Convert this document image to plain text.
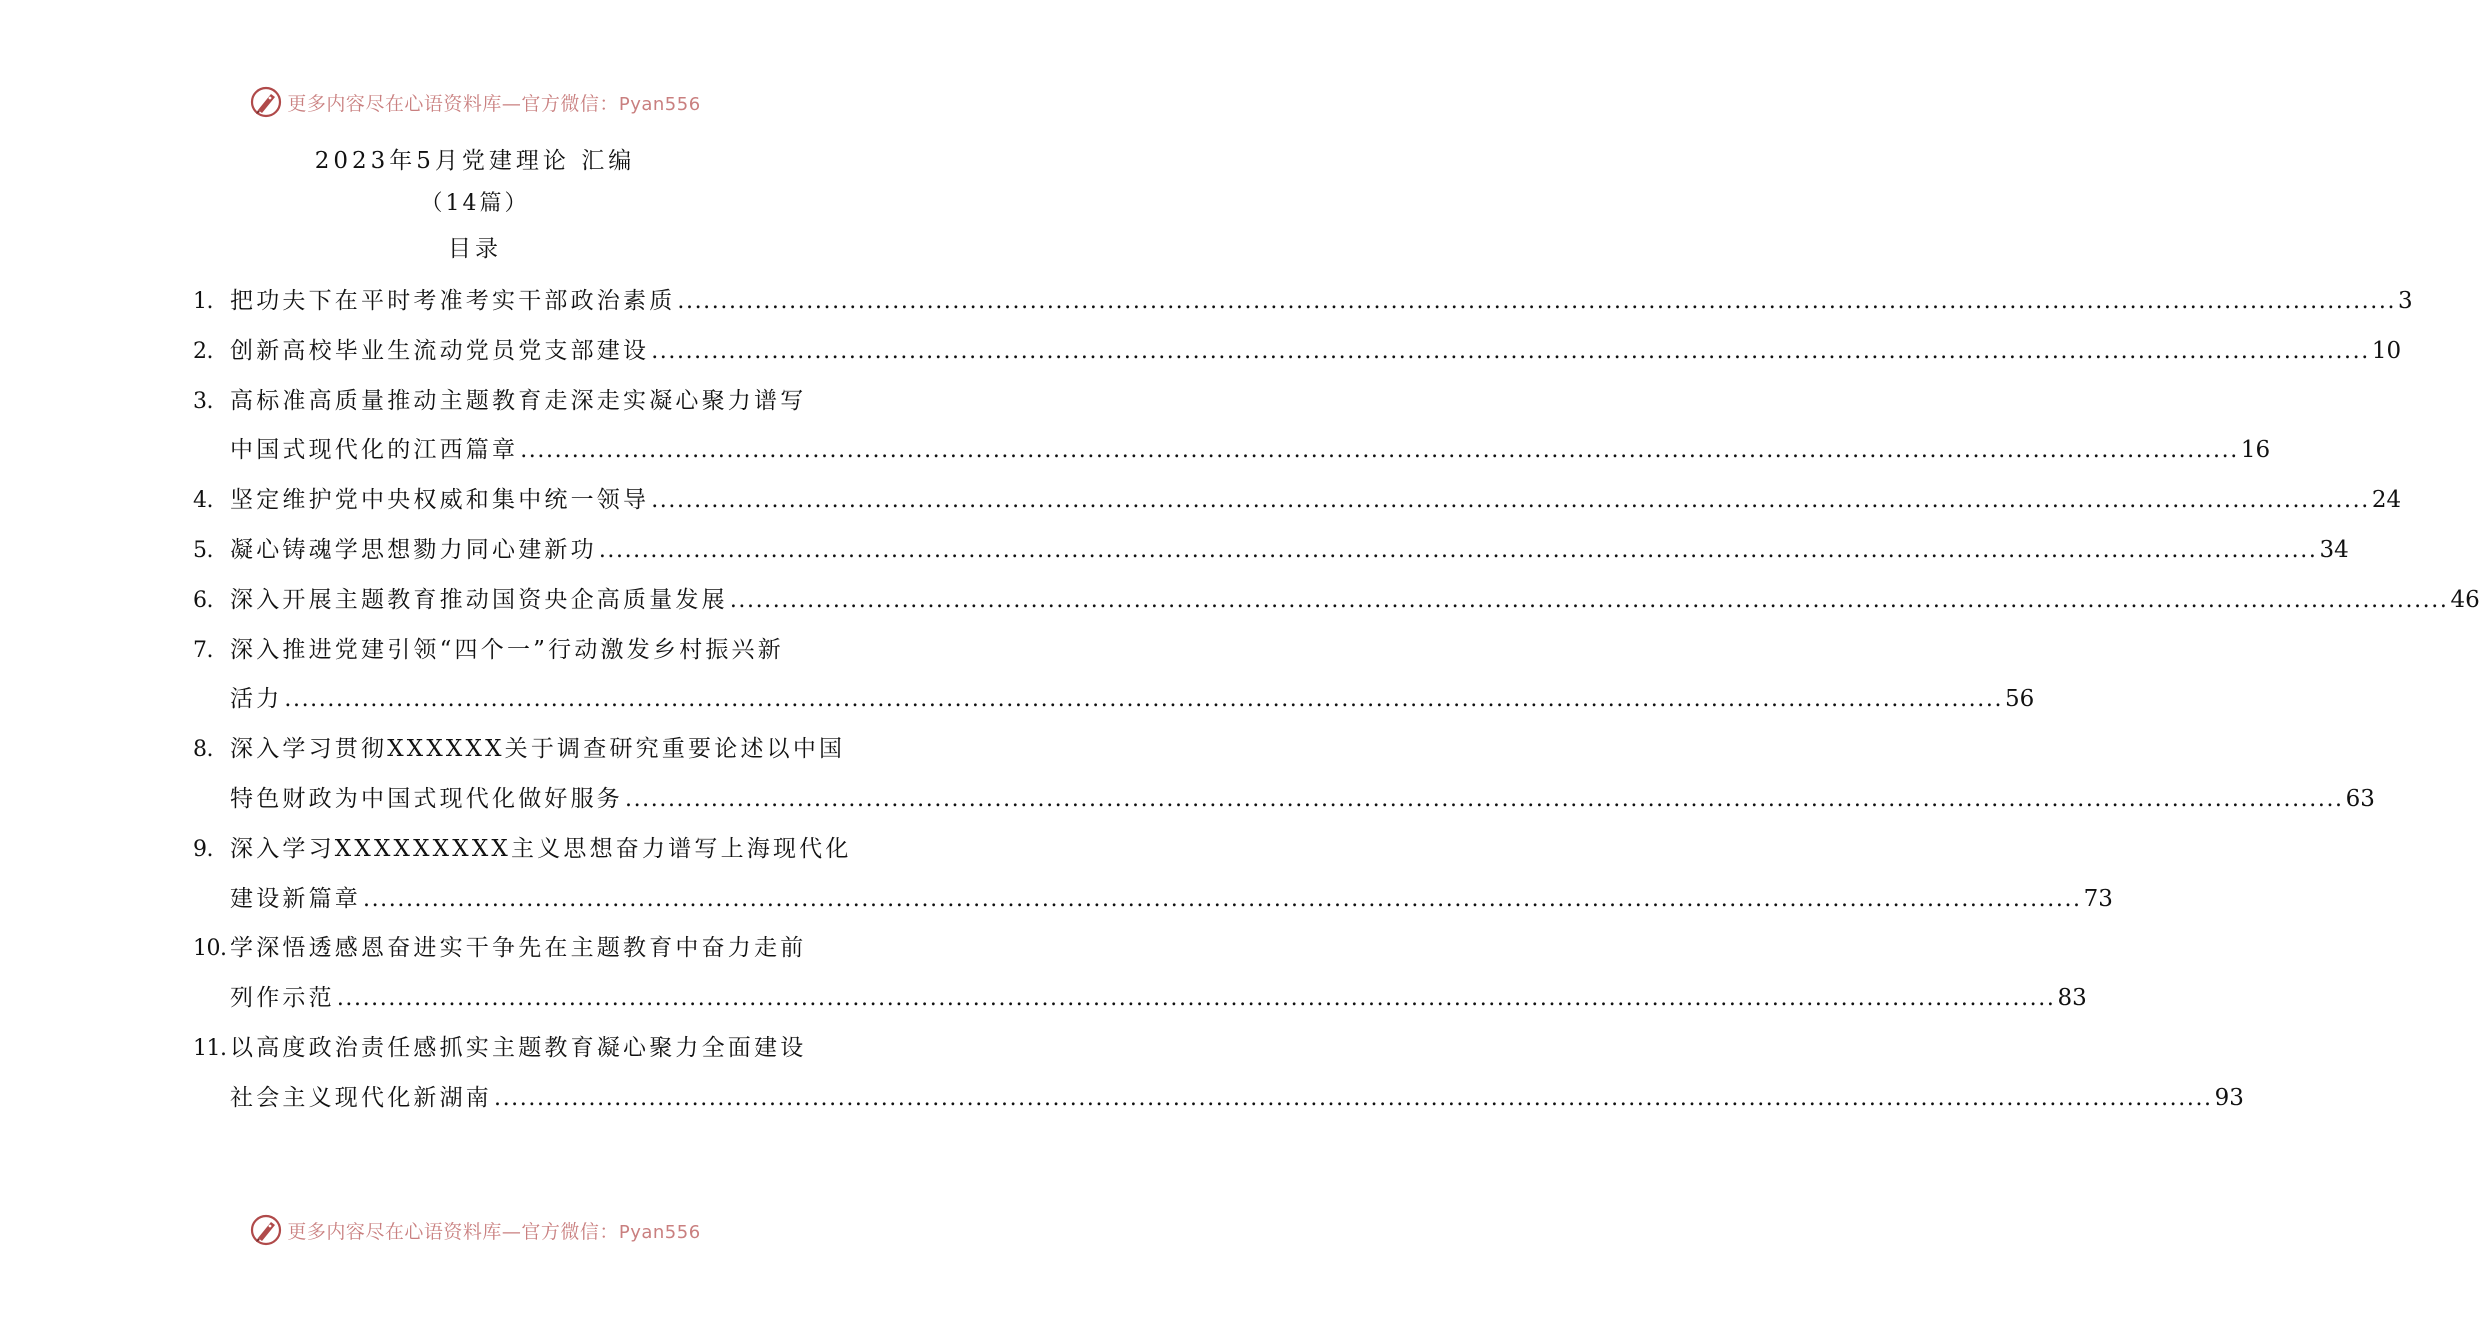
更多内容尽在心语资料库—官方微信：Pyan556
2023年5月党建理论 汇编
（14篇）
目录
1. 把功夫下在平时考准考实干部政治素质 ........................................................................................................................................................................................................ 3
2. 创新高校毕业生流动党员党支部建设 ........................................................................................................................................................................................................ 10
3. 高标准高质量推动主题教育走深走实凝心聚力谱写
中国式现代化的江西篇章 ........................................................................................................................................................................................................ 16
4. 坚定维护党中央权威和集中统一领导 ........................................................................................................................................................................................................ 24
5. 凝心铸魂学思想勠力同心建新功 ........................................................................................................................................................................................................ 34
6. 深入开展主题教育推动国资央企高质量发展 ........................................................................................................................................................................................................ 46
7. 深入推进党建引领“四个一”行动激发乡村振兴新
活力 ........................................................................................................................................................................................................ 56
8. 深入学习贯彻XXXXXX关于调查研究重要论述以中国
特色财政为中国式现代化做好服务 ........................................................................................................................................................................................................ 63
9. 深入学习XXXXXXXXX主义思想奋力谱写上海现代化
建设新篇章 ........................................................................................................................................................................................................ 73
10. 学深悟透感恩奋进实干争先在主题教育中奋力走前
列作示范 ........................................................................................................................................................................................................ 83
11. 以高度政治责任感抓实主题教育凝心聚力全面建设
社会主义现代化新湖南 ........................................................................................................................................................................................................ 93
更多内容尽在心语资料库—官方微信：Pyan556
